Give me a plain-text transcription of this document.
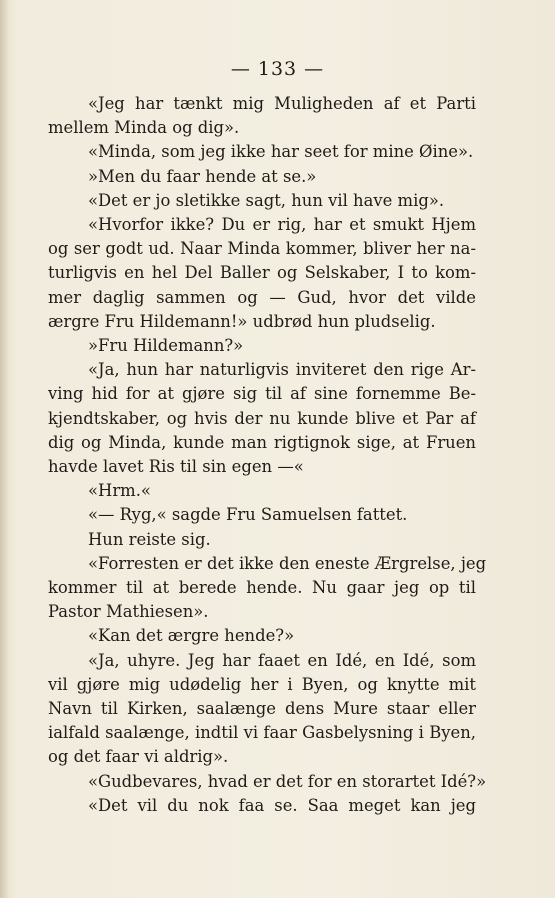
— 133 —
«Jeg har tænkt mig Muligheden af et Parti
mellem Minda og dig».
«Minda, som jeg ikke har seet for mine Øine».
»Men du faar hende at se.»
«Det er jo sletikke sagt, hun vil have mig».
«Hvorfor ikke? Du er rig, har et smukt Hjem
og ser godt ud. Naar Minda kommer, bliver her na-
turligvis en hel Del Baller og Selskaber, I to kom-
mer daglig sammen og — Gud, hvor det vilde
ærgre Fru Hildemann!» udbrød hun pludselig.
»Fru Hildemann?»
«Ja, hun har naturligvis inviteret den rige Ar-
ving hid for at gjøre sig til af sine fornemme Be-
kjendtskaber, og hvis der nu kunde blive et Par af
dig og Minda, kunde man rigtignok sige, at Fruen
havde lavet Ris til sin egen —«
«Hrm.«
«— Ryg,« sagde Fru Samuelsen fattet.
Hun reiste sig.
«Forresten er det ikke den eneste Ærgrelse, jeg
kommer til at berede hende. Nu gaar jeg op til
Pastor Mathiesen».
«Kan det ærgre hende?»
«Ja, uhyre. Jeg har faaet en Idé, en Idé, som
vil gjøre mig udødelig her i Byen, og knytte mit
Navn til Kirken, saalænge dens Mure staar eller
ialfald saalænge, indtil vi faar Gasbelysning i Byen,
og det faar vi aldrig».
«Gudbevares, hvad er det for en storartet Idé?»
«Det vil du nok faa se. Saa meget kan jeg
